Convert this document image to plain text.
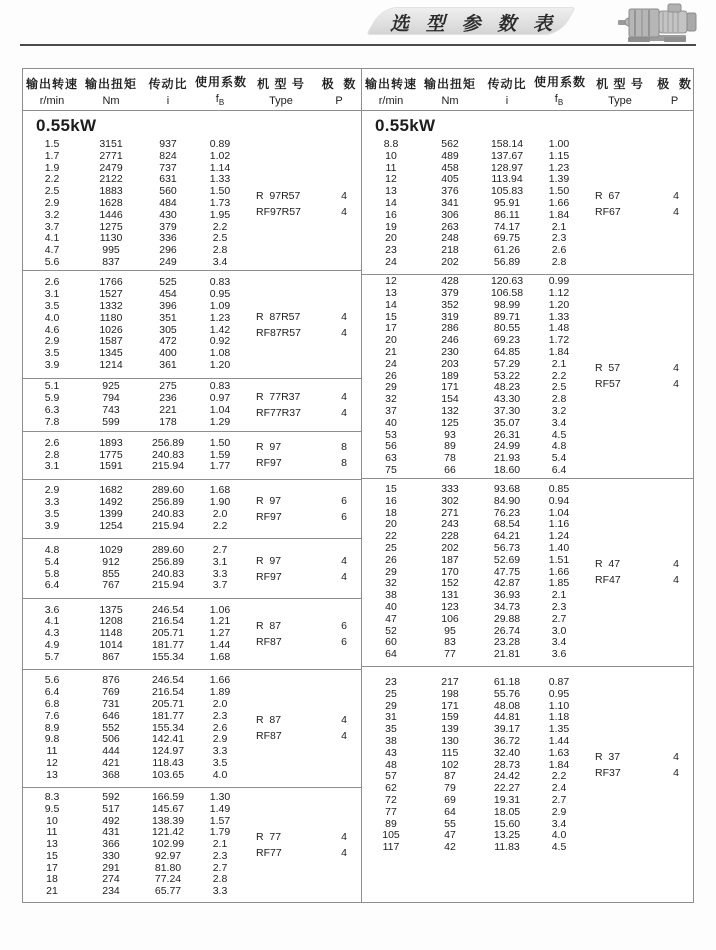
选 型 参 数 表
输出转速
r/min
输出扭矩
Nm
传动比
i
使用系数
$f_B$
机 型 号
Type
极  数
P
0.55kW
1.5	3151	937	0.89
1.7	2771	824	1.02
1.9	2479	737	1.14
2.2	2122	631	1.33
2.5	1883	560	1.50
2.9	1628	484	1.73
3.2	1446	430	1.95
3.7	1275	379	2.2
4.1	1130	336	2.5
4.7	995	296	2.8
5.6	837	249	3.4
R  97R57	4
RF97R57	4
2.6	1766	525	0.83
3.1	1527	454	0.95
3.5	1332	396	1.09
4.0	1180	351	1.23
4.6	1026	305	1.42
2.9	1587	472	0.92
3.5	1345	400	1.08
3.9	1214	361	1.20
R  87R57	4
RF87R57	4
5.1	925	275	0.83
5.9	794	236	0.97
6.3	743	221	1.04
7.8	599	178	1.29
R  77R37	4
RF77R37	4
2.6	1893	256.89	1.50
2.8	1775	240.83	1.59
3.1	1591	215.94	1.77
R  97	8
RF97	8
2.9	1682	289.60	1.68
3.3	1492	256.89	1.90
3.5	1399	240.83	2.0
3.9	1254	215.94	2.2
R  97	6
RF97	6
4.8	1029	289.60	2.7
5.4	912	256.89	3.1
5.8	855	240.83	3.3
6.4	767	215.94	3.7
R  97	4
RF97	4
3.6	1375	246.54	1.06
4.1	1208	216.54	1.21
4.3	1148	205.71	1.27
4.9	1014	181.77	1.44
5.7	867	155.34	1.68
R  87	6
RF87	6
5.6	876	246.54	1.66
6.4	769	216.54	1.89
6.8	731	205.71	2.0
7.6	646	181.77	2.3
8.9	552	155.34	2.6
9.8	506	142.41	2.9
11	444	124.97	3.3
12	421	118.43	3.5
13	368	103.65	4.0
R  87	4
RF87	4
8.3	592	166.59	1.30
9.5	517	145.67	1.49
10	492	138.39	1.57
11	431	121.42	1.79
13	366	102.99	2.1
15	330	92.97	2.3
17	291	81.80	2.7
18	274	77.24	2.8
21	234	65.77	3.3
R  77	4
RF77	4
输出转速
r/min
输出扭矩
Nm
传动比
i
使用系数
$f_B$
机 型 号
Type
极  数
P
0.55kW
8.8	562	158.14	1.00
10	489	137.67	1.15
11	458	128.97	1.23
12	405	113.94	1.39
13	376	105.83	1.50
14	341	95.91	1.66
16	306	86.11	1.84
19	263	74.17	2.1
20	248	69.75	2.3
23	218	61.26	2.6
24	202	56.89	2.8
R  67	4
RF67	4
12	428	120.63	0.99
13	379	106.58	1.12
14	352	98.99	1.20
15	319	89.71	1.33
17	286	80.55	1.48
20	246	69.23	1.72
21	230	64.85	1.84
24	203	57.29	2.1
26	189	53.22	2.2
29	171	48.23	2.5
32	154	43.30	2.8
37	132	37.30	3.2
40	125	35.07	3.4
53	93	26.31	4.5
56	89	24.99	4.8
63	78	21.93	5.4
75	66	18.60	6.4
R  57	4
RF57	4
15	333	93.68	0.85
16	302	84.90	0.94
18	271	76.23	1.04
20	243	68.54	1.16
22	228	64.21	1.24
25	202	56.73	1.40
26	187	52.69	1.51
29	170	47.75	1.66
32	152	42.87	1.85
38	131	36.93	2.1
40	123	34.73	2.3
47	106	29.88	2.7
52	95	26.74	3.0
60	83	23.28	3.4
64	77	21.81	3.6
R  47	4
RF47	4
23	217	61.18	0.87
25	198	55.76	0.95
29	171	48.08	1.10
31	159	44.81	1.18
35	139	39.17	1.35
38	130	36.72	1.44
43	115	32.40	1.63
48	102	28.73	1.84
57	87	24.42	2.2
62	79	22.27	2.4
72	69	19.31	2.7
77	64	18.05	2.9
89	55	15.60	3.4
105	47	13.25	4.0
117	42	11.83	4.5
R  37	4
RF37	4
